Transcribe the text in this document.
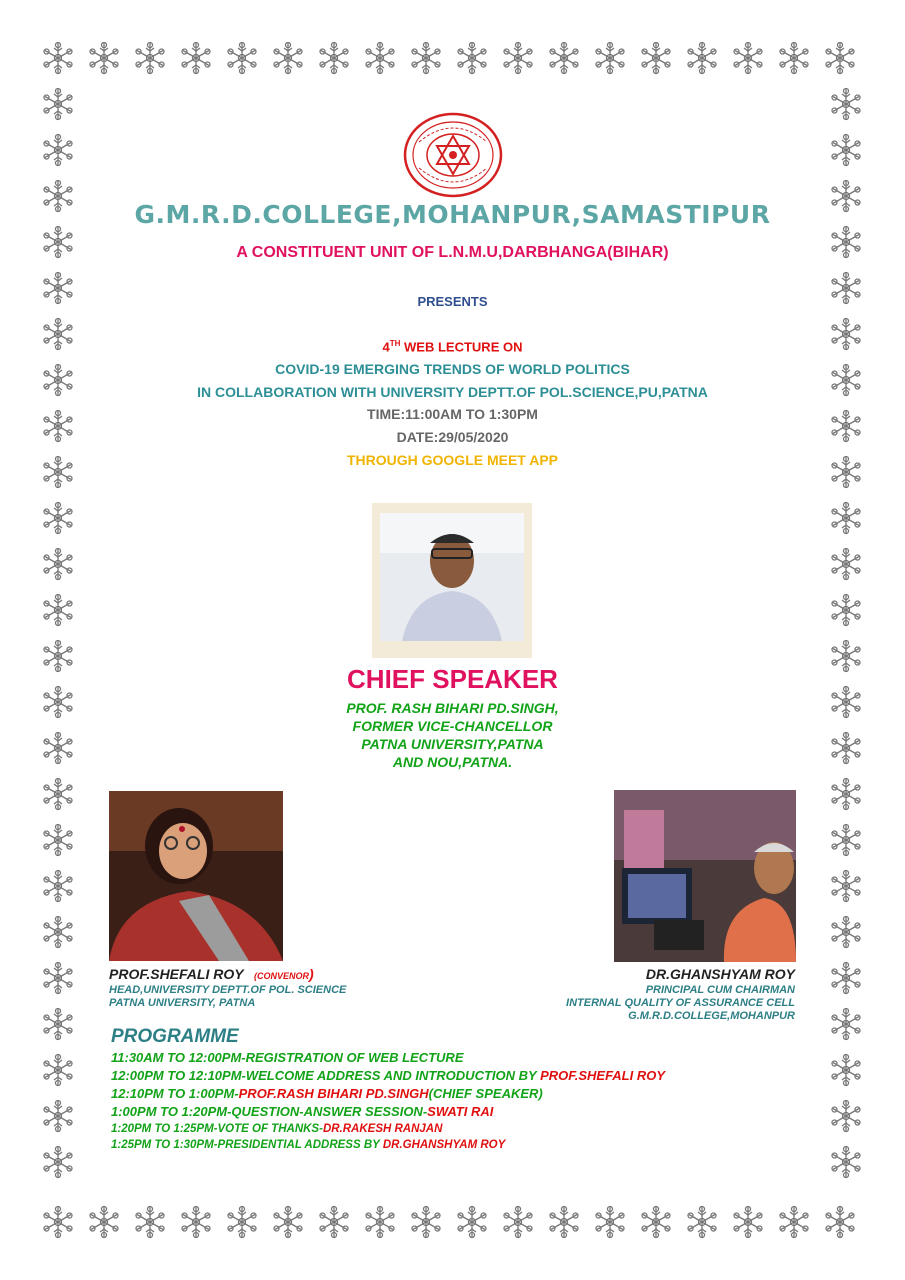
G.M.R.D.COLLEGE,MOHANPUR,SAMASTIPUR
A CONSTITUENT UNIT OF L.N.M.U,DARBHANGA(BIHAR)
PRESENTS
4TH WEB LECTURE ON
COVID-19 EMERGING TRENDS OF WORLD POLITICS
IN COLLABORATION WITH UNIVERSITY DEPTT.OF POL.SCIENCE,PU,PATNA
TIME:11:00AM TO 1:30PM
DATE:29/05/2020
THROUGH GOOGLE MEET APP
CHIEF SPEAKER
PROF. RASH BIHARI PD.SINGH,
FORMER VICE-CHANCELLOR
PATNA UNIVERSITY,PATNA
AND NOU,PATNA.
PROF.SHEFALI ROY (CONVENOR)
HEAD,UNIVERSITY DEPTT.OF POL. SCIENCE
PATNA UNIVERSITY, PATNA
DR.GHANSHYAM ROY
PRINCIPAL CUM CHAIRMAN
INTERNAL QUALITY OF ASSURANCE CELL
G.M.R.D.COLLEGE,MOHANPUR
PROGRAMME
11:30AM TO 12:00PM-REGISTRATION OF WEB LECTURE
12:00PM TO 12:10PM-WELCOME ADDRESS AND INTRODUCTION BY PROF.SHEFALI ROY
12:10PM TO 1:00PM-PROF.RASH BIHARI PD.SINGH(CHIEF SPEAKER)
1:00PM TO 1:20PM-QUESTION-ANSWER SESSION-SWATI RAI
1:20PM TO 1:25PM-VOTE OF THANKS-DR.RAKESH RANJAN
1:25PM TO 1:30PM-PRESIDENTIAL ADDRESS BY DR.GHANSHYAM ROY
